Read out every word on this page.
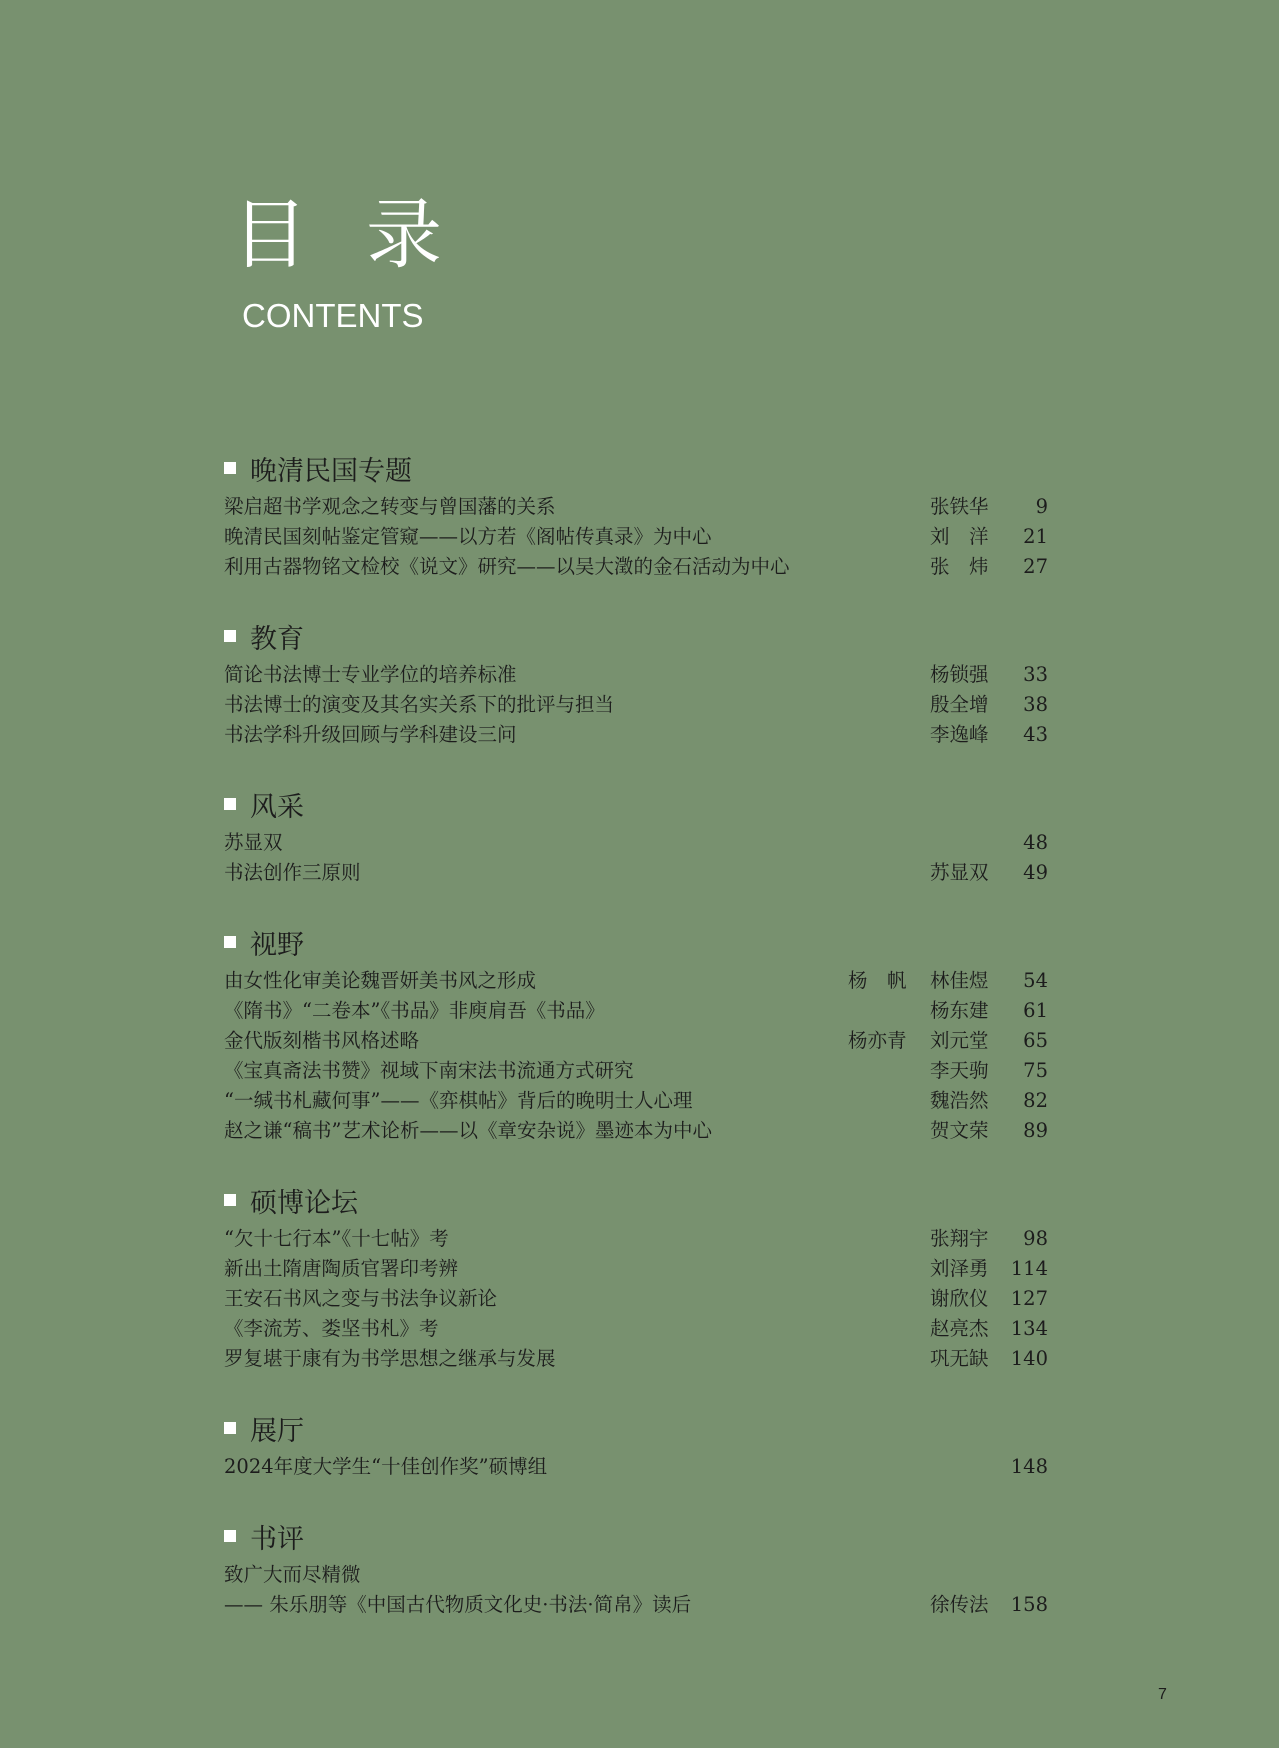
目录
CONTENTS
晚清民国专题
梁启超书学观念之转变与曾国藩的关系	张铁华 9
晚清民国刻帖鉴定管窥——以方若《阁帖传真录》为中心	刘　洋 21
利用古器物铭文检校《说文》研究——以吴大澂的金石活动为中心	张　炜 27
教育
简论书法博士专业学位的培养标准	杨锁强 33
书法博士的演变及其名实关系下的批评与担当	殷全增 38
书法学科升级回顾与学科建设三问	李逸峰 43
风采
苏显双	48
书法创作三原则	苏显双 49
视野
由女性化审美论魏晋妍美书风之形成	杨　帆 林佳煜 54
《隋书》“二卷本”《书品》非庾肩吾《书品》	杨东建 61
金代版刻楷书风格述略	杨亦青 刘元堂 65
《宝真斋法书赞》视域下南宋法书流通方式研究	李天驹 75
“一缄书札藏何事”——《弈棋帖》背后的晚明士人心理	魏浩然 82
赵之谦“稿书”艺术论析——以《章安杂说》墨迹本为中心	贺文荣 89
硕博论坛
“欠十七行本”《十七帖》考	张翔宇 98
新出土隋唐陶质官署印考辨	刘泽勇 114
王安石书风之变与书法争议新论	谢欣仪 127
《李流芳、娄坚书札》考	赵亮杰 134
罗复堪于康有为书学思想之继承与发展	巩无缺 140
展厅
2024年度大学生“十佳创作奖”硕博组	148
书评
致广大而尽精微
—— 朱乐朋等《中国古代物质文化史·书法·简帛》读后	徐传法 158
7
